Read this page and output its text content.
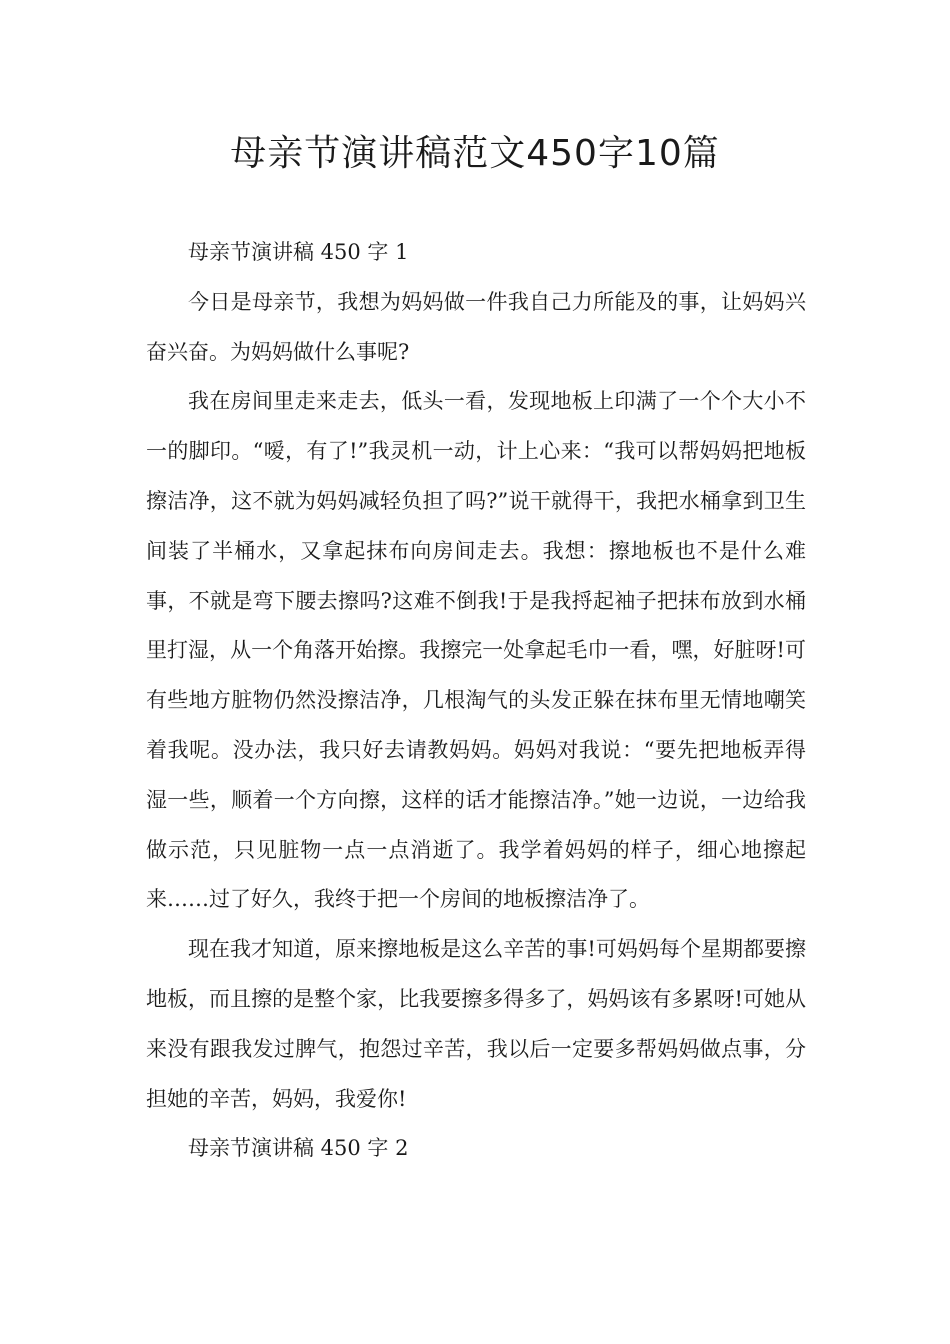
母亲节演讲稿范文450字10篇

母亲节演讲稿 450 字 1

今日是母亲节，我想为妈妈做一件我自己力所能及的事，让妈妈兴奋兴奋。为妈妈做什么事呢?

我在房间里走来走去，低头一看，发现地板上印满了一个个大小不一的脚印。“嗳，有了!”我灵机一动，计上心来：“我可以帮妈妈把地板擦洁净，这不就为妈妈减轻负担了吗?”说干就得干，我把水桶拿到卫生间装了半桶水，又拿起抹布向房间走去。我想：擦地板也不是什么难事，不就是弯下腰去擦吗?这难不倒我!于是我捋起袖子把抹布放到水桶里打湿，从一个角落开始擦。我擦完一处拿起毛巾一看，嘿，好脏呀!可有些地方脏物仍然没擦洁净，几根淘气的头发正躲在抹布里无情地嘲笑着我呢。没办法，我只好去请教妈妈。妈妈对我说：“要先把地板弄得湿一些，顺着一个方向擦，这样的话才能擦洁净。”她一边说，一边给我做示范，只见脏物一点一点消逝了。我学着妈妈的样子，细心地擦起来……过了好久，我终于把一个房间的地板擦洁净了。

现在我才知道，原来擦地板是这么辛苦的事!可妈妈每个星期都要擦地板，而且擦的是整个家，比我要擦多得多了，妈妈该有多累呀!可她从来没有跟我发过脾气，抱怨过辛苦，我以后一定要多帮妈妈做点事，分担她的辛苦，妈妈，我爱你!

母亲节演讲稿 450 字 2
